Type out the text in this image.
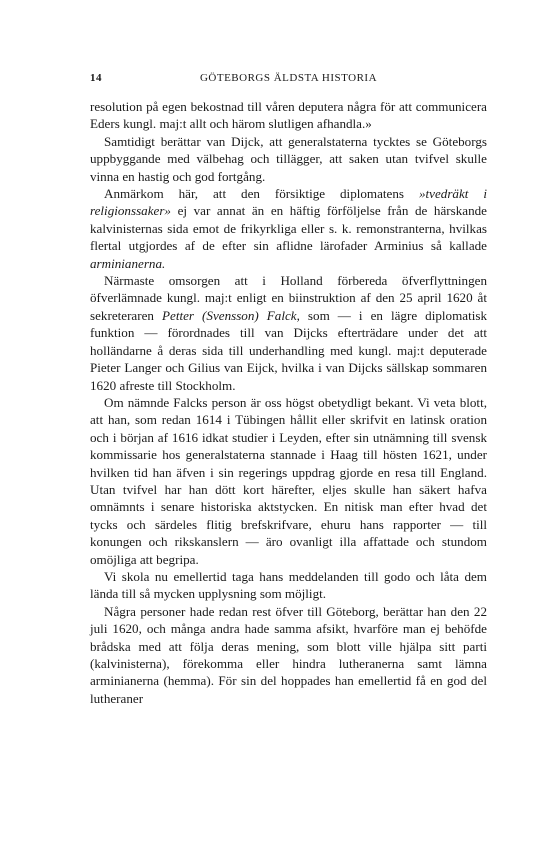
14	GÖTEBORGS ÄLDSTA HISTORIA

resolution på egen bekostnad till våren deputera några för att communicera Eders kungl. maj:t allt och härom slutligen afhandla.»

Samtidigt berättar van Dijck, att generalstaterna tycktes se Göteborgs uppbyggande med välbehag och tillägger, att saken utan tvifvel skulle vinna en hastig och god fortgång.

Anmärkom här, att den försiktige diplomatens »tvedräkt i religionssaker» ej var annat än en häftig förföljelse från de härskande kalvinisternas sida emot de frikyrkliga eller s. k. remonstranterna, hvilkas flertal utgjordes af de efter sin aflidne lärofader Arminius så kallade arminianerna.

Närmaste omsorgen att i Holland förbereda öfverflyttningen öfverlämnade kungl. maj:t enligt en biinstruktion af den 25 april 1620 åt sekreteraren Petter (Svensson) Falck, som — i en lägre diplomatisk funktion — förordnades till van Dijcks efterträdare under det att holländarne å deras sida till underhandling med kungl. maj:t deputerade Pieter Langer och Gilius van Eijck, hvilka i van Dijcks sällskap sommaren 1620 afreste till Stockholm.

Om nämnde Falcks person är oss högst obetydligt bekant. Vi veta blott, att han, som redan 1614 i Tübingen hållit eller skrifvit en latinsk oration och i början af 1616 idkat studier i Leyden, efter sin utnämning till svensk kommissarie hos generalstaterna stannade i Haag till hösten 1621, under hvilken tid han äfven i sin regerings uppdrag gjorde en resa till England. Utan tvifvel har han dött kort härefter, eljes skulle han säkert hafva omnämnts i senare historiska aktstycken. En nitisk man efter hvad det tycks och särdeles flitig brefskrifvare, ehuru hans rapporter — till konungen och rikskanslern — äro ovanligt illa affattade och stundom omöjliga att begripa.

Vi skola nu emellertid taga hans meddelanden till godo och låta dem lända till så mycken upplysning som möjligt.

Några personer hade redan rest öfver till Göteborg, berättar han den 22 juli 1620, och många andra hade samma afsikt, hvarföre man ej behöfde brådska med att följa deras mening, som blott ville hjälpa sitt parti (kalvinisterna), förekomma eller hindra lutheranerna samt lämna arminianerna (hemma). För sin del hoppades han emellertid få en god del lutheraner
